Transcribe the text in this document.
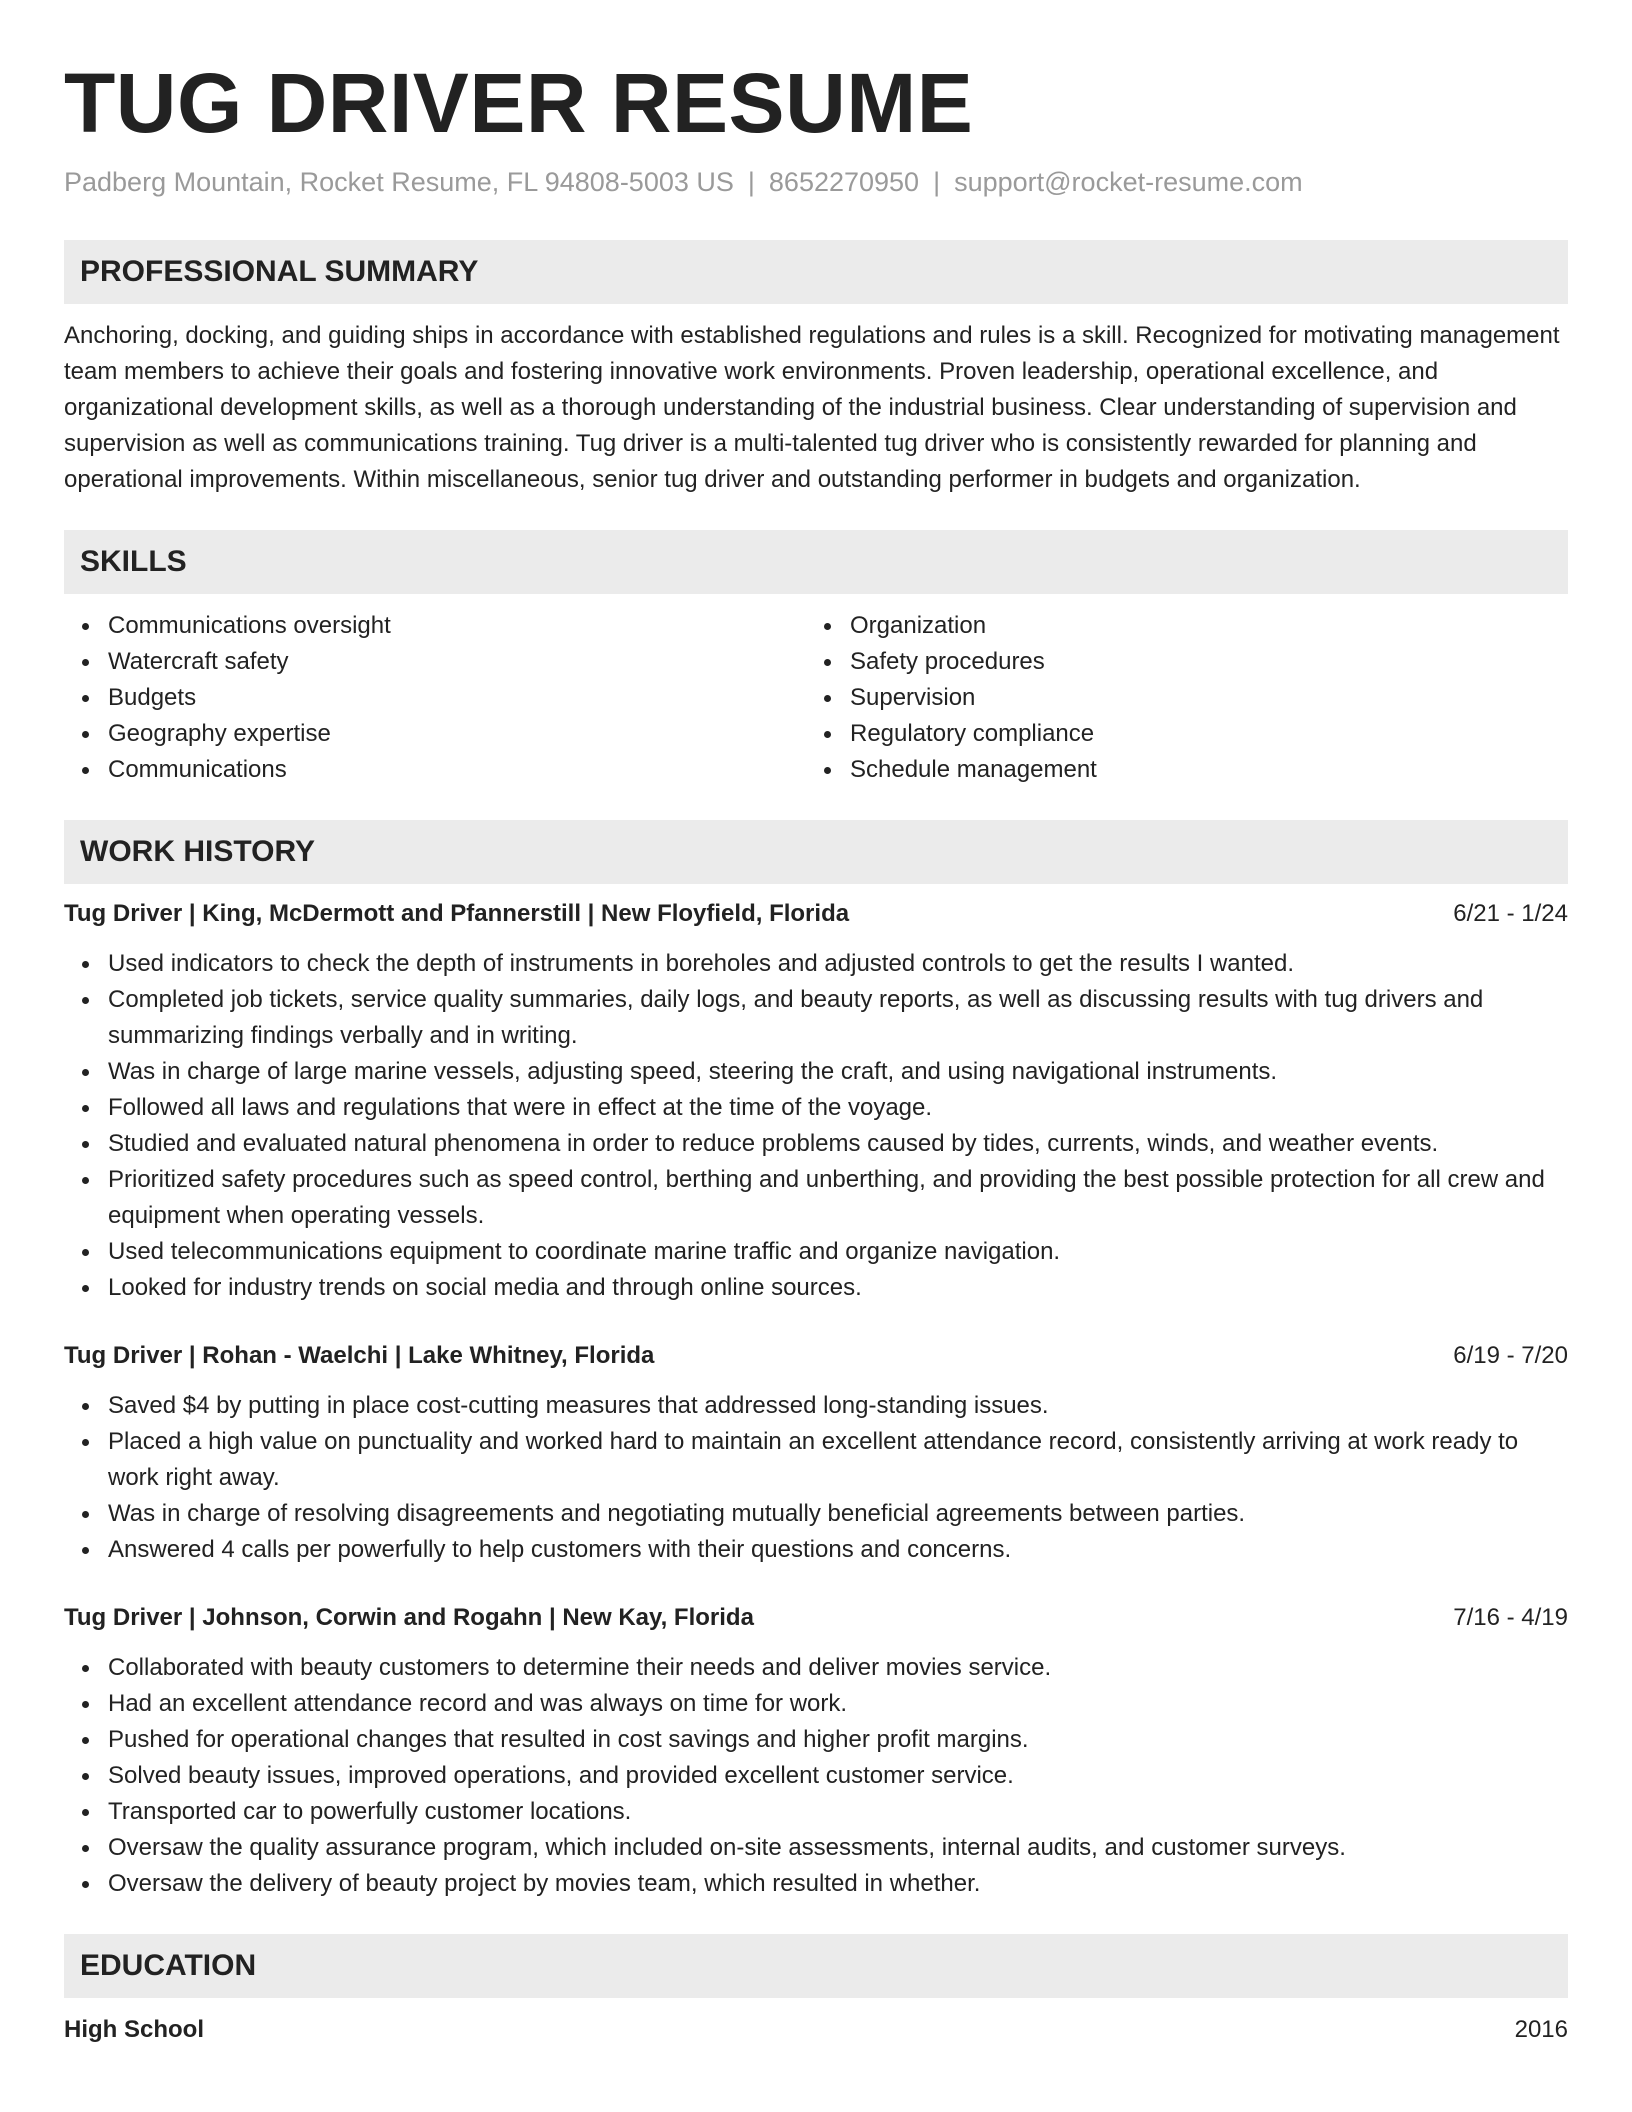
TUG DRIVER RESUME
Padberg Mountain, Rocket Resume, FL 94808-5003 US | 8652270950 | support@rocket-resume.com
PROFESSIONAL SUMMARY

Anchoring, docking, and guiding ships in accordance with established regulations and rules is a skill. Recognized for motivating management team members to achieve their goals and fostering innovative work environments. Proven leadership, operational excellence, and organizational development skills, as well as a thorough understanding of the industrial business. Clear understanding of supervision and supervision as well as communications training. Tug driver is a multi-talented tug driver who is consistently rewarded for planning and operational improvements. Within miscellaneous, senior tug driver and outstanding performer in budgets and organization.

SKILLS
Communications oversight
Watercraft safety
Budgets
Geography expertise
Communications
Organization
Safety procedures
Supervision
Regulatory compliance
Schedule management
WORK HISTORY
Tug Driver | King, McDermott and Pfannerstill | New Floyfield, Florida	6/21 - 1/24
Used indicators to check the depth of instruments in boreholes and adjusted controls to get the results I wanted.
Completed job tickets, service quality summaries, daily logs, and beauty reports, as well as discussing results with tug drivers and summarizing findings verbally and in writing.
Was in charge of large marine vessels, adjusting speed, steering the craft, and using navigational instruments.
Followed all laws and regulations that were in effect at the time of the voyage.
Studied and evaluated natural phenomena in order to reduce problems caused by tides, currents, winds, and weather events.
Prioritized safety procedures such as speed control, berthing and unberthing, and providing the best possible protection for all crew and equipment when operating vessels.
Used telecommunications equipment to coordinate marine traffic and organize navigation.
Looked for industry trends on social media and through online sources.
Tug Driver | Rohan - Waelchi | Lake Whitney, Florida	6/19 - 7/20
Saved $4 by putting in place cost-cutting measures that addressed long-standing issues.
Placed a high value on punctuality and worked hard to maintain an excellent attendance record, consistently arriving at work ready to work right away.
Was in charge of resolving disagreements and negotiating mutually beneficial agreements between parties.
Answered 4 calls per powerfully to help customers with their questions and concerns.
Tug Driver | Johnson, Corwin and Rogahn | New Kay, Florida	7/16 - 4/19
Collaborated with beauty customers to determine their needs and deliver movies service.
Had an excellent attendance record and was always on time for work.
Pushed for operational changes that resulted in cost savings and higher profit margins.
Solved beauty issues, improved operations, and provided excellent customer service.
Transported car to powerfully customer locations.
Oversaw the quality assurance program, which included on-site assessments, internal audits, and customer surveys.
Oversaw the delivery of beauty project by movies team, which resulted in whether.
EDUCATION
High School	2016
